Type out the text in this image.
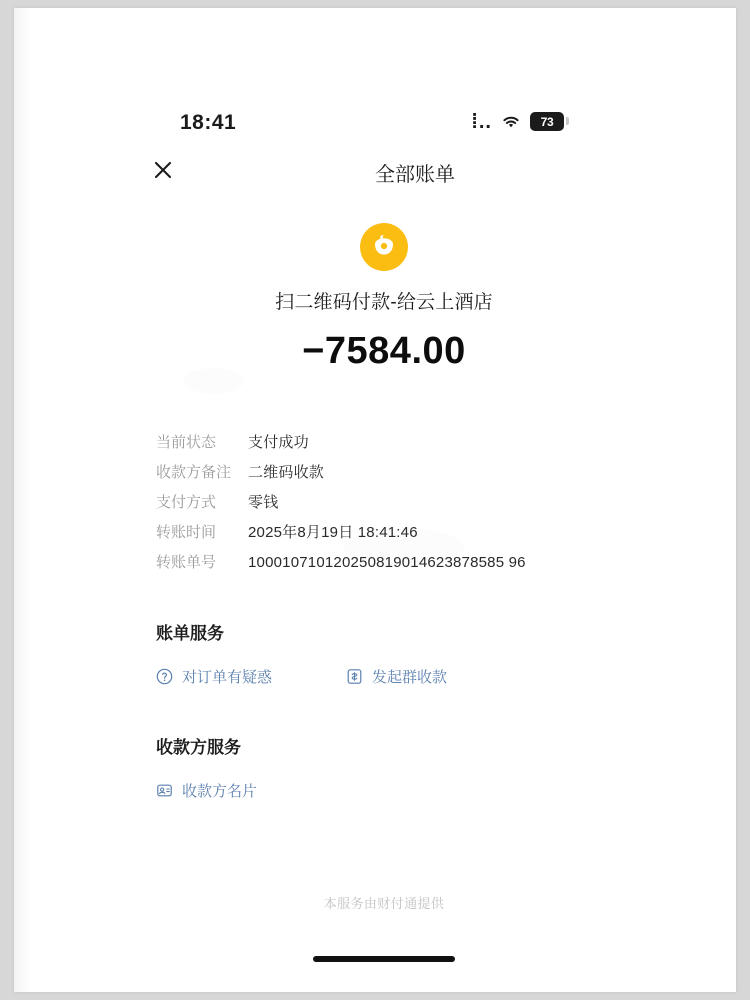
18:41	⁞..	73
全部账单
扫二维码付款-给云上酒店
−7584.00
当前状态	支付成功
收款方备注	二维码收款
支付方式	零钱
转账时间	2025年8月19日 18:41:46
转账单号	100010710120250819014623878585 96
账单服务
对订单有疑惑	发起群收款
收款方服务
收款方名片
本服务由财付通提供
